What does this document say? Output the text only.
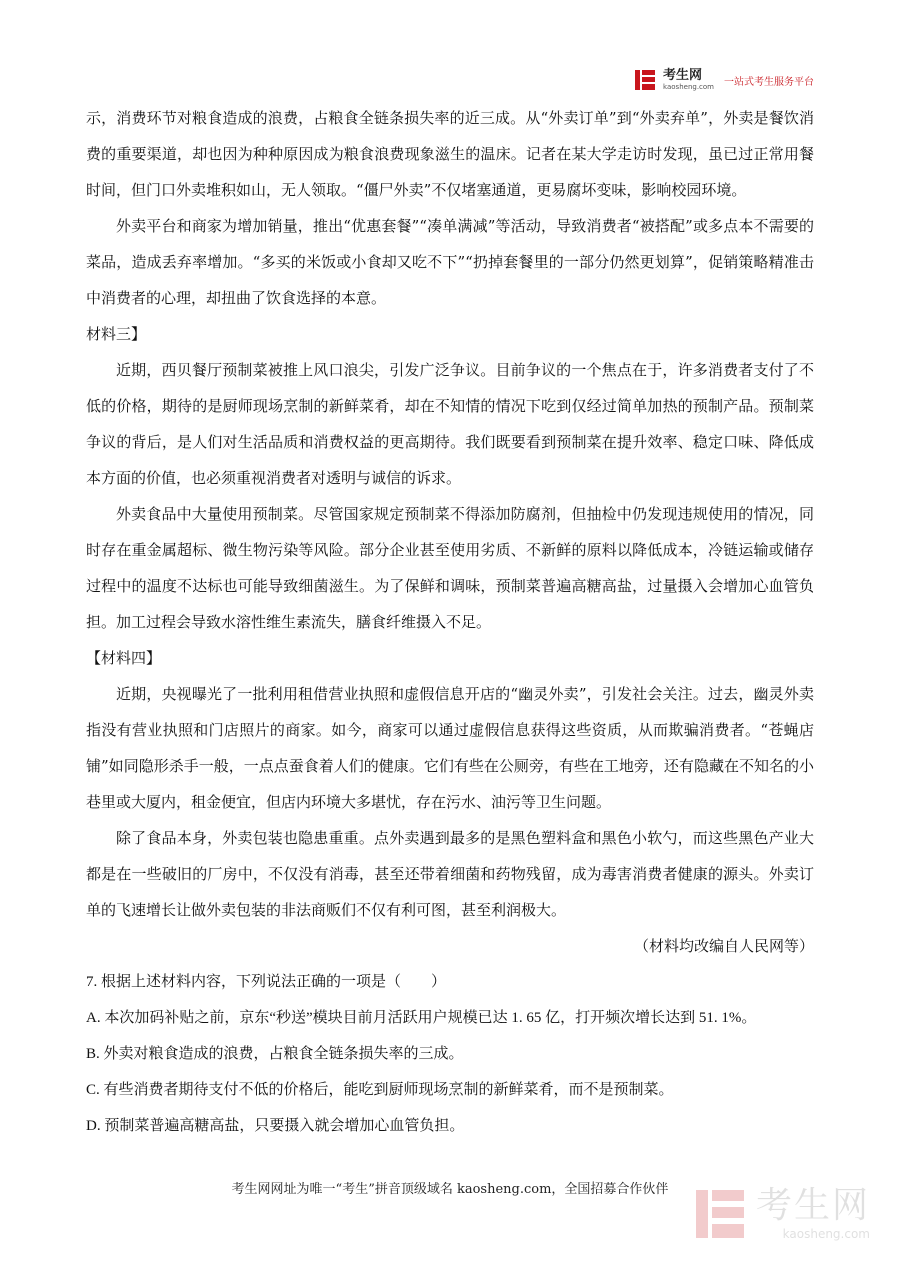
考生网
kaosheng.com 一站式考生服务平台

示，消费环节对粮食造成的浪费，占粮食全链条损失率的近三成。从“外卖订单”到“外卖弃单”，外卖是餐饮消费的重要渠道，却也因为种种原因成为粮食浪费现象滋生的温床。记者在某大学走访时发现，虽已过正常用餐时间，但门口外卖堆积如山，无人领取。“僵尸外卖”不仅堵塞通道，更易腐坏变味，影响校园环境。

外卖平台和商家为增加销量，推出“优惠套餐”“凑单满减”等活动，导致消费者“被搭配”或多点本不需要的菜品，造成丢弃率增加。“多买的米饭或小食却又吃不下”“扔掉套餐里的一部分仍然更划算”，促销策略精准击中消费者的心理，却扭曲了饮食选择的本意。

材料三】

近期，西贝餐厅预制菜被推上风口浪尖，引发广泛争议。目前争议的一个焦点在于，许多消费者支付了不低的价格，期待的是厨师现场烹制的新鲜菜肴，却在不知情的情况下吃到仅经过简单加热的预制产品。预制菜争议的背后，是人们对生活品质和消费权益的更高期待。我们既要看到预制菜在提升效率、稳定口味、降低成本方面的价值，也必须重视消费者对透明与诚信的诉求。

外卖食品中大量使用预制菜。尽管国家规定预制菜不得添加防腐剂，但抽检中仍发现违规使用的情况，同时存在重金属超标、微生物污染等风险。部分企业甚至使用劣质、不新鲜的原料以降低成本，冷链运输或储存过程中的温度不达标也可能导致细菌滋生。为了保鲜和调味，预制菜普遍高糖高盐，过量摄入会增加心血管负担。加工过程会导致水溶性维生素流失，膳食纤维摄入不足。

【材料四】

近期，央视曝光了一批利用租借营业执照和虚假信息开店的“幽灵外卖”，引发社会关注。过去，幽灵外卖指没有营业执照和门店照片的商家。如今，商家可以通过虚假信息获得这些资质，从而欺骗消费者。“苍蝇店铺”如同隐形杀手一般，一点点蚕食着人们的健康。它们有些在公厕旁，有些在工地旁，还有隐藏在不知名的小巷里或大厦内，租金便宜，但店内环境大多堪忧，存在污水、油污等卫生问题。

除了食品本身，外卖包装也隐患重重。点外卖遇到最多的是黑色塑料盒和黑色小软勺，而这些黑色产业大都是在一些破旧的厂房中，不仅没有消毒，甚至还带着细菌和药物残留，成为毒害消费者健康的源头。外卖订单的飞速增长让做外卖包装的非法商贩们不仅有利可图，甚至利润极大。

（材料均改编自人民网等）

7. 根据上述材料内容，下列说法正确的一项是（　　）

A. 本次加码补贴之前，京东“秒送”模块目前月活跃用户规模已达 1. 65 亿，打开频次增长达到 51. 1%。

B. 外卖对粮食造成的浪费，占粮食全链条损失率的三成。

C. 有些消费者期待支付不低的价格后，能吃到厨师现场烹制的新鲜菜肴，而不是预制菜。

D. 预制菜普遍高糖高盐，只要摄入就会增加心血管负担。

考生网网址为唯一“考生”拼音顶级域名 kaosheng.com，全国招募合作伙伴	考生网
kaosheng.com
